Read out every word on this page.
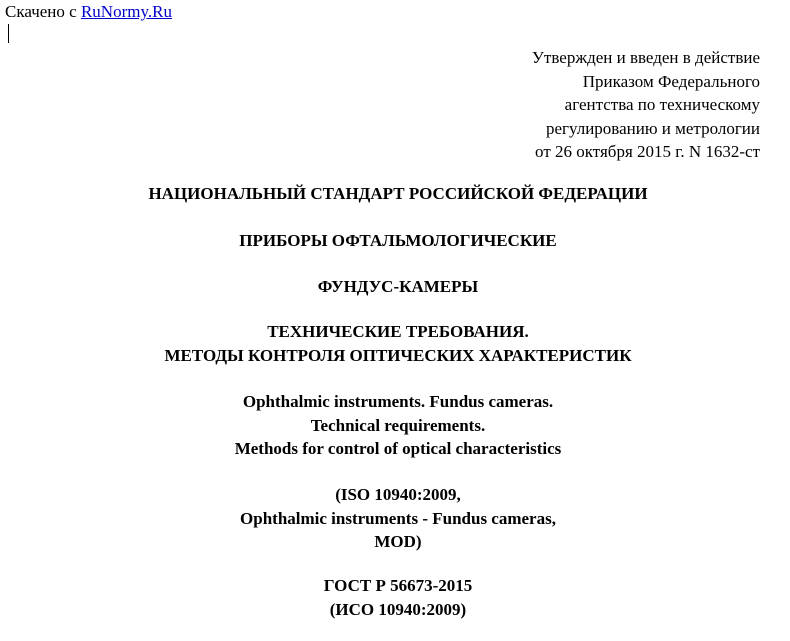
Скачено с RuNormy.Ru
Утвержден и введен в действие
Приказом Федерального
агентства по техническому
регулированию и метрологии
от 26 октября 2015 г. N 1632-ст
НАЦИОНАЛЬНЫЙ СТАНДАРТ РОССИЙСКОЙ ФЕДЕРАЦИИ
ПРИБОРЫ ОФТАЛЬМОЛОГИЧЕСКИЕ
ФУНДУС-КАМЕРЫ
ТЕХНИЧЕСКИЕ ТРЕБОВАНИЯ.
МЕТОДЫ КОНТРОЛЯ ОПТИЧЕСКИХ ХАРАКТЕРИСТИК
Ophthalmic instruments. Fundus cameras.
Technical requirements.
Methods for control of optical characteristics
(ISO 10940:2009,
Ophthalmic instruments - Fundus cameras,
MOD)
ГОСТ Р 56673-2015
(ИСО 10940:2009)
